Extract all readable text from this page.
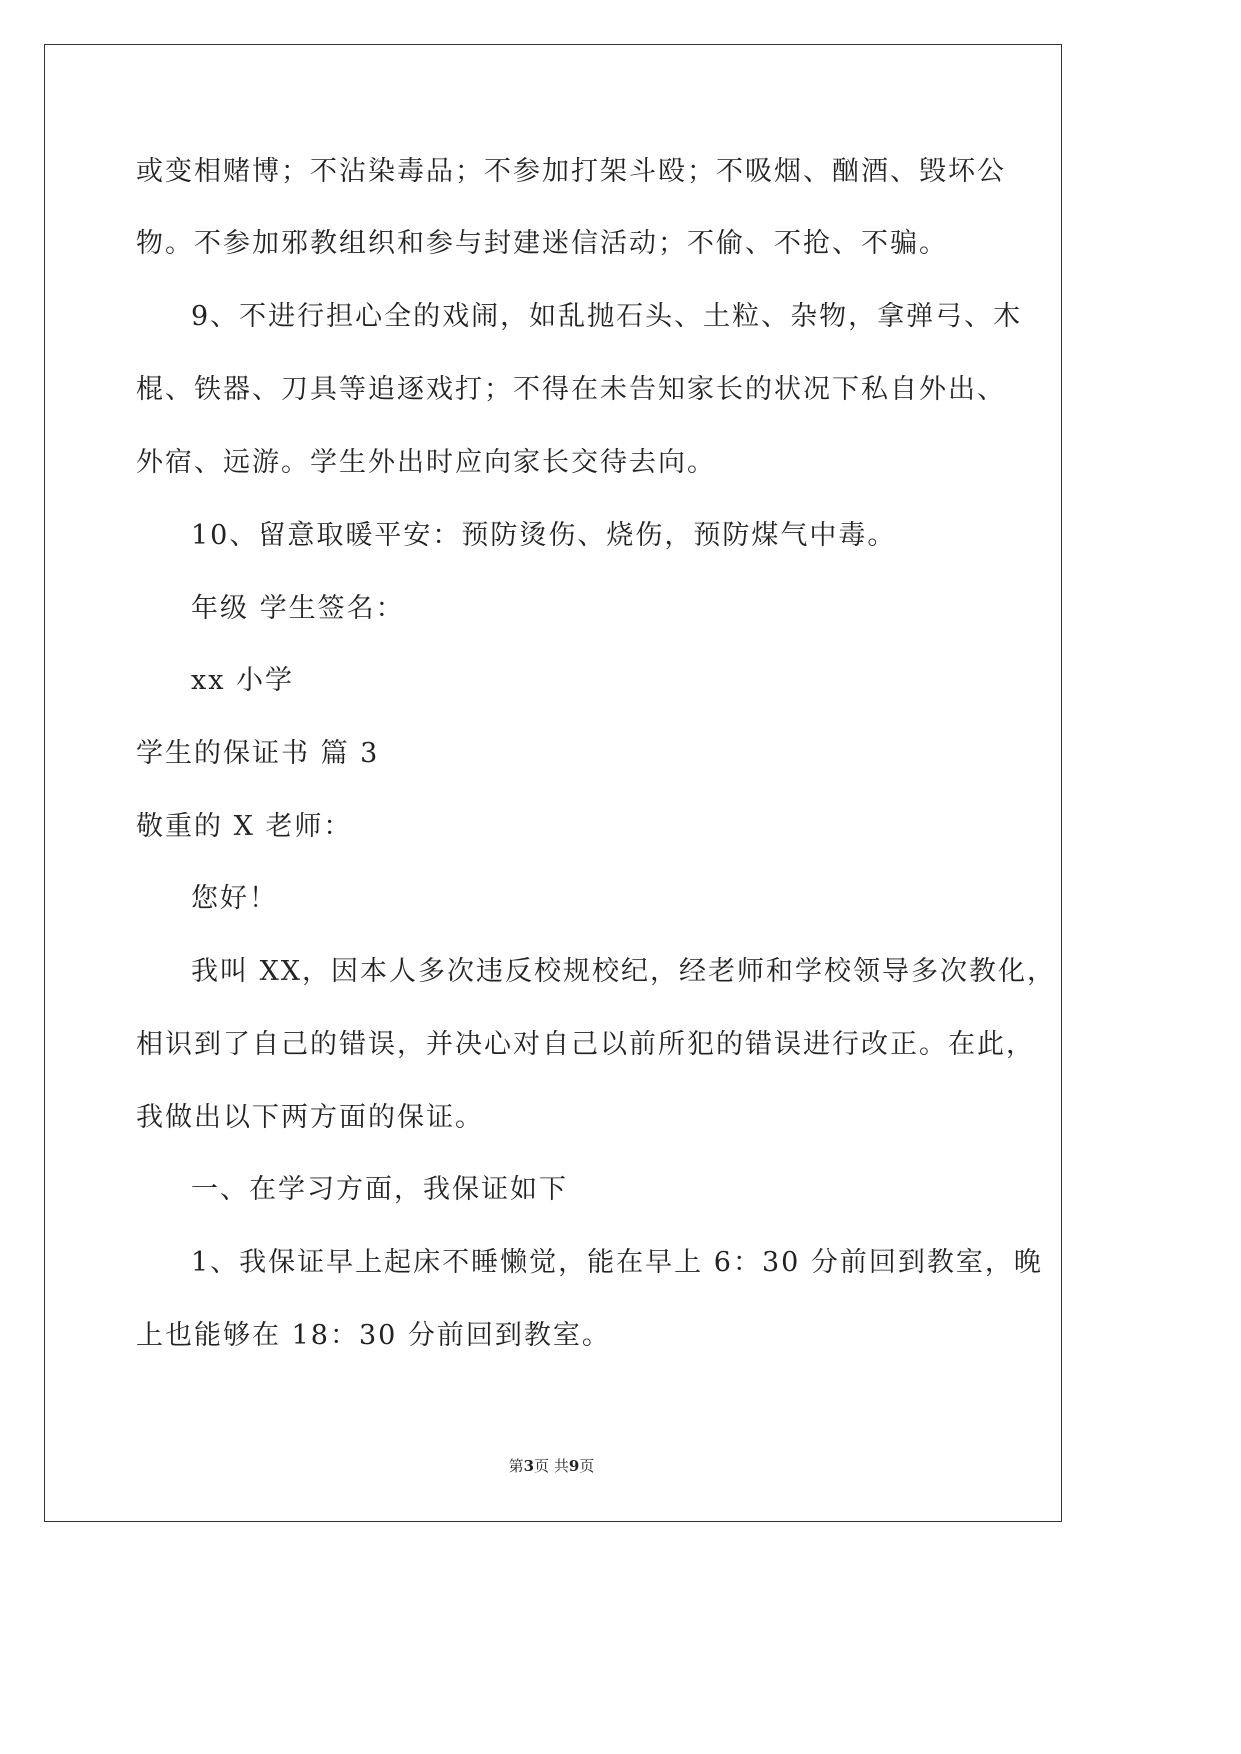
或变相赌博；不沾染毒品；不参加打架斗殴；不吸烟、酗酒、毁坏公
物。不参加邪教组织和参与封建迷信活动；不偷、不抢、不骗。
9、不进行担心全的戏闹，如乱抛石头、土粒、杂物，拿弹弓、木
棍、铁器、刀具等追逐戏打；不得在未告知家长的状况下私自外出、
外宿、远游。学生外出时应向家长交待去向。
10、留意取暖平安：预防烫伤、烧伤，预防煤气中毒。
年级 学生签名：
xx 小学
学生的保证书 篇 3
敬重的 X 老师：
您好！
我叫 XX，因本人多次违反校规校纪，经老师和学校领导多次教化，
相识到了自己的错误，并决心对自己以前所犯的错误进行改正。在此，
我做出以下两方面的保证。
一、在学习方面，我保证如下
1、我保证早上起床不睡懒觉，能在早上 6：30 分前回到教室，晚
上也能够在 18：30 分前回到教室。
第3页 共9页
